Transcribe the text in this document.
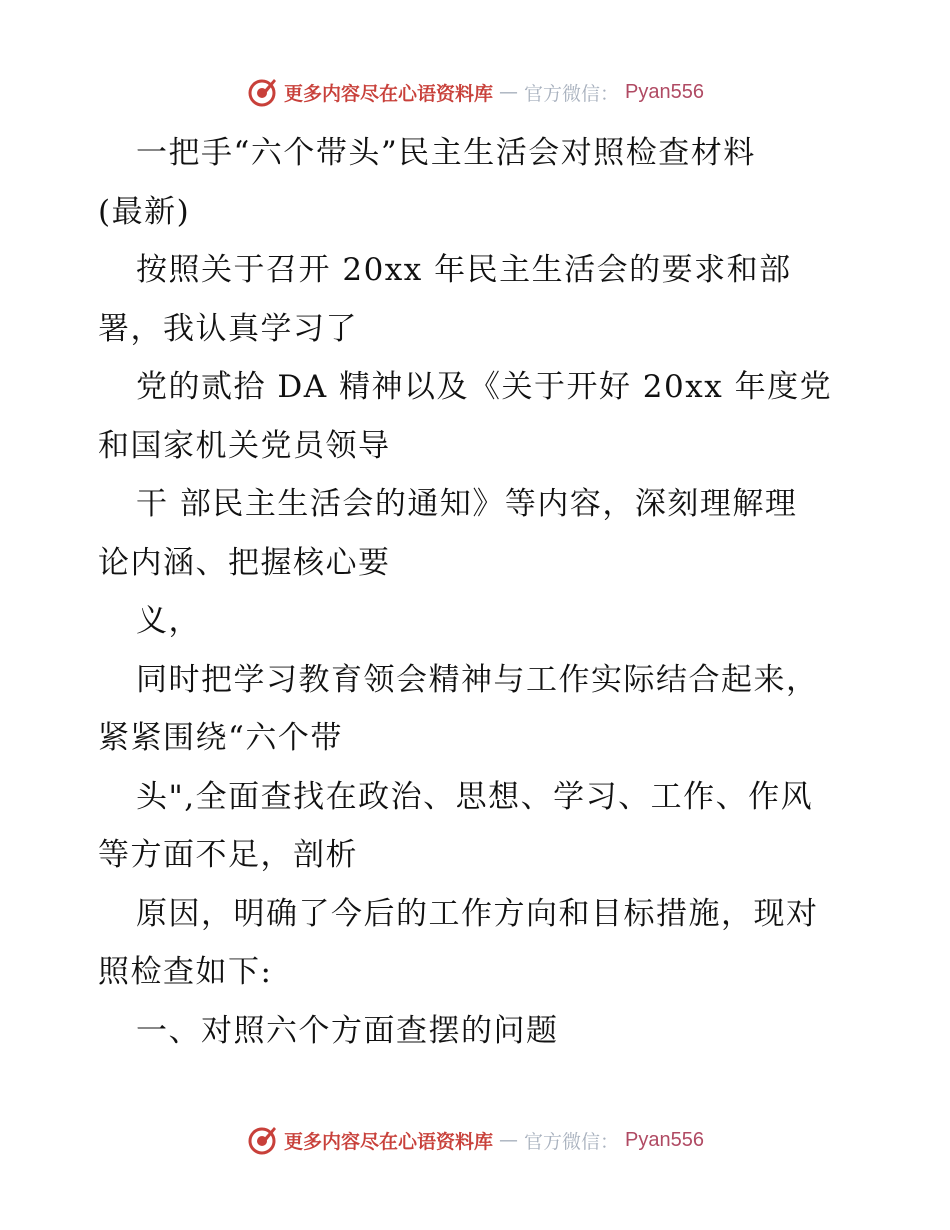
更多内容尽在心语资料库 — 官方微信： Pyan556
一把手“六个带头”民主生活会对照检查材料
(最新)
按照关于召开 20xx 年民主生活会的要求和部
署，我认真学习了
党的贰拾 DA 精神以及《关于开好 20xx 年度党
和国家机关党员领导
干 部民主生活会的通知》等内容，深刻理解理
论内涵、把握核心要
义，
同时把学习教育领会精神与工作实际结合起来，
紧紧围绕“六个带
头",全面查找在政治、思想、学习、工作、作风
等方面不足，剖析
原因，明确了今后的工作方向和目标措施，现对
照检查如下:
一、对照六个方面查摆的问题
更多内容尽在心语资料库 — 官方微信： Pyan556
